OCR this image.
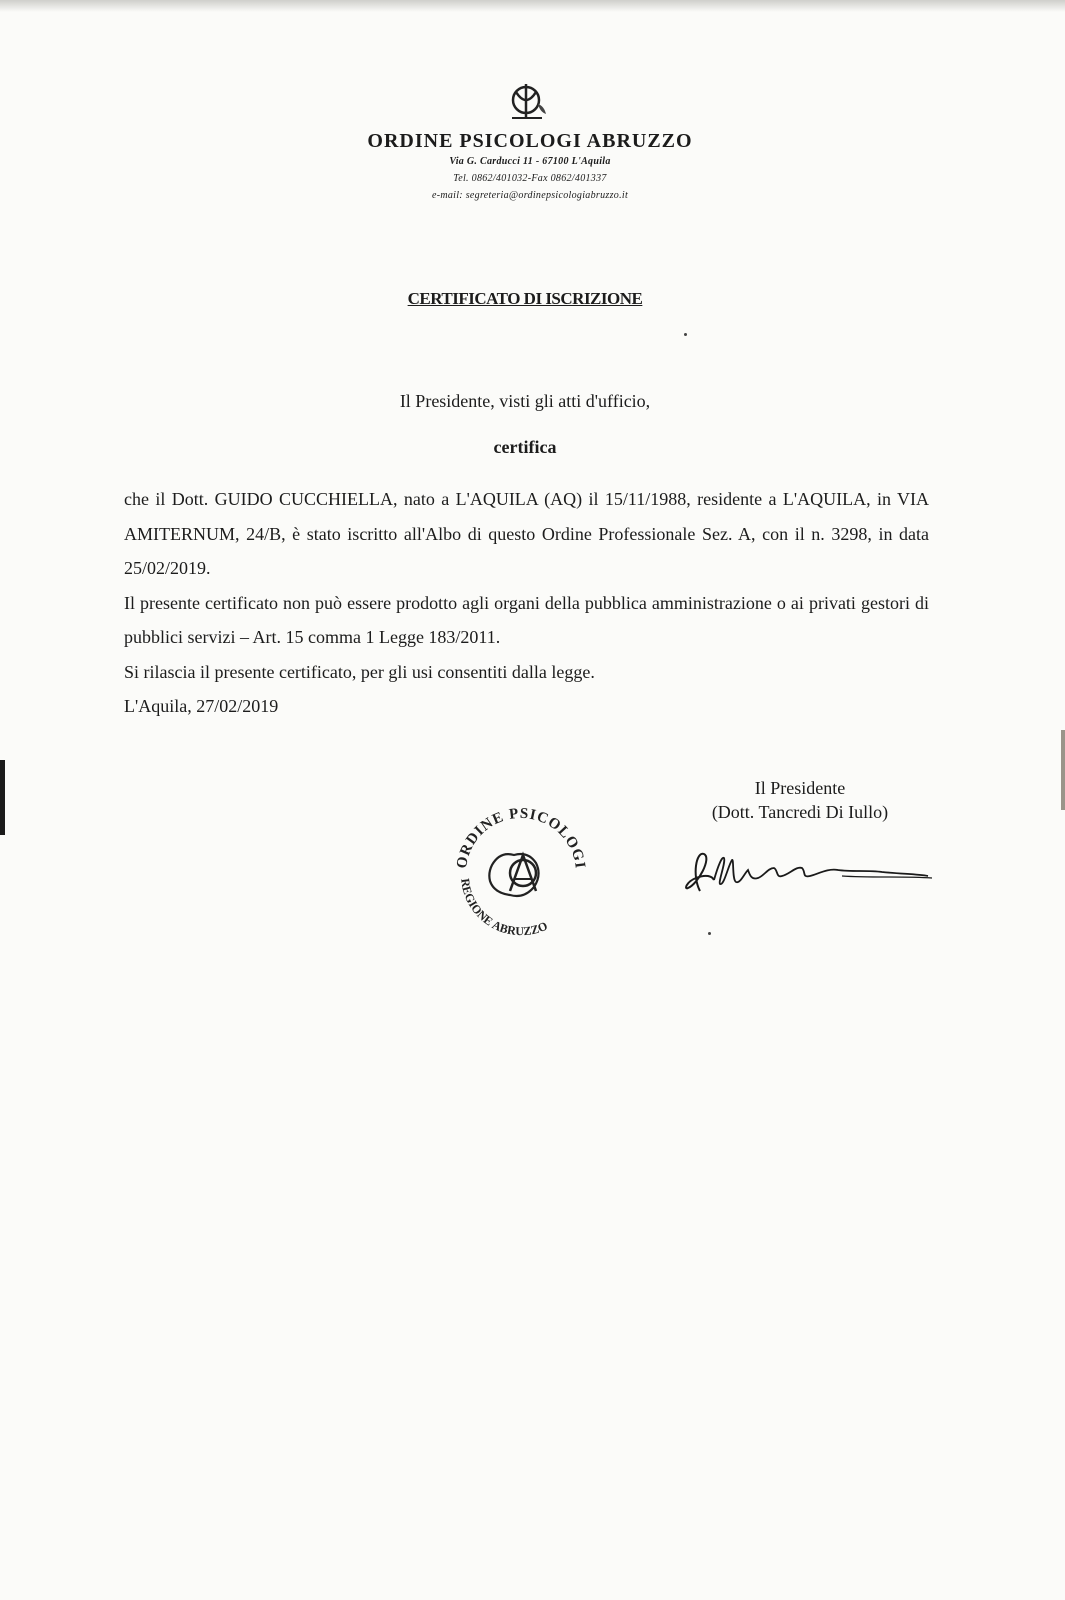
ORDINE PSICOLOGI ABRUZZO
Via G. Carducci 11 - 67100 L'Aquila
Tel. 0862/401032-Fax 0862/401337
e-mail: segreteria@ordinepsicologiabruzzo.it
CERTIFICATO DI ISCRIZIONE
Il Presidente, visti gli atti d'ufficio,
certifica

che il Dott. GUIDO CUCCHIELLA, nato a L'AQUILA (AQ) il 15/11/1988, residente a L'AQUILA, in VIA AMITERNUM, 24/B, è stato iscritto all'Albo di questo Ordine Professionale Sez. A, con il n. 3298, in data 25/02/2019.

Il presente certificato non può essere prodotto agli organi della pubblica amministrazione o ai privati gestori di pubblici servizi – Art. 15 comma 1 Legge 183/2011.

Si rilascia il presente certificato, per gli usi consentiti dalla legge.

L'Aquila, 27/02/2019

Il Presidente
(Dott. Tancredi Di Iullo)
ORDINE PSICOLOGI
REGIONE ABRUZZO
